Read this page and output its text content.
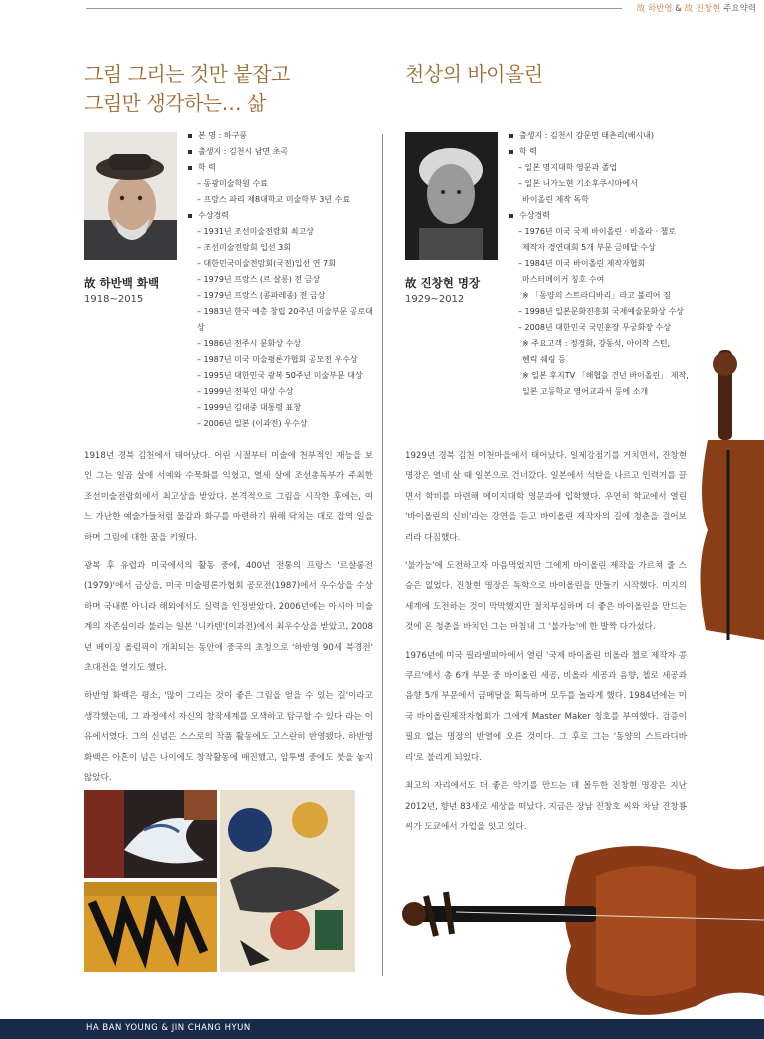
故 하반영 & 故 진창현 주요약력
그림 그리는 것만 붙잡고
그림만 생각하는… 삶
천상의 바이올린
故 하반백 화백
1918~2015
본 명 : 하구풍
출생지 : 김천시 남면 초곡
학 력
– 동광미술학원 수료
– 프랑스 파리 제8대학교 미술학부 3년 수료
수상경력
– 1931년 조선미술전람회 최고상
– 조선미술전람회 입선 3회
– 대한민국미술전람회(국전)입선 연 7회
– 1979년 프랑스 (르 살롱) 전 금상
– 1979년 프랑스 (콩파레종) 전 금상
– 1983년 한국 예총 창립 20주년 미술부문 공로대상
– 1986년 전주시 문화상 수상
– 1987년 미국 미술평론가협회 공모전 우수상
– 1995년 대한민국 광복 50주년 미술부문 대상
– 1999년 전북인 대상 수상
– 1999년 김대중 대통령 표창
– 2006년 일본 (이과전) 우수상
故 진창현 명장
1929~2012
출생지 : 김천시 감문면 태촌리(배시내)
학 력
– 일본 명지대학 영문과 졸업
– 일본 니가노현 기소후쿠시마에서
바이올린 제작 독학
수상경력
– 1976년 미국 국제 바이올린 · 비올라 · 첼로
제작자 경연대회 5개 부문 금메달 수상
– 1984년 미국 바이올린 제작자협회
마스터메이커 칭호 수여
※ 「동양의 스트라디바리」라고 불리어 짐
– 1998년 일본문화진흥회 국제예술문화상 수상
– 2008년 대한민국 국민훈장 무궁화장 수상
※ 주요고객 : 정경화, 강동석, 아이작 스턴,
헨릭 쉐링 등
※ 일본 후지TV 「해협을 건넌 바이올린」 제작,
일본 고등학교 영어교과서 등에 소개

1918년 경북 김천에서 태어났다. 어린 시절부터 미술에 천부적인 재능을 보인 그는 일곱 살에 서예와 수묵화를 익혔고, 열세 살에 조선총독부가 주최한 조선미술전람회에서 최고상을 받았다. 본격적으로 그림을 시작한 후에는, 여느 가난한 예술가들처럼 물감과 화구를 마련하기 위해 닥치는 대로 잡역 일을 하며 그림에 대한 꿈을 키웠다.

광복 후 유럽과 미국에서의 활동 중에, 400년 전통의 프랑스 '르살롱전(1979)'에서 금상을, 미국 미술평론가협회 공모전(1987)에서 우수상을 수상하며 국내뿐 아니라 해외에서도 실력을 인정받았다. 2006년에는 아시아 미술계의 자존심이라 불리는 일본 '니카텐'(이과전)에서 최우수상을 받았고, 2008년 베이징 올림픽이 개최되는 동안에 중국의 초청으로 '하반영 90세 북경전' 초대전을 열기도 했다.

하반영 화백은 평소, '많이 그리는 것이 좋은 그림을 얻을 수 있는 길'이라고 생각했는데, 그 과정에서 자신의 창작세계를 모색하고 탐구할 수 있다 라는 이유에서였다. 그의 신념은 스스로의 작품 활동에도 고스란히 반영됐다. 하반영 화백은 아흔이 넘은 나이에도 창작활동에 매진했고, 암투병 중에도 붓을 놓지 않았다.

1929년 경북 김천 이천마을에서 태어났다. 일제강점기를 거치면서, 진창현 명장은 열네 살 때 일본으로 건너갔다. 일본에서 석탄을 나르고 인력거를 끌면서 학비를 마련해 메이지대학 영문과에 입학했다. 우연히 학교에서 열린 '바이올린의 신비'라는 강연을 듣고 바이올린 제작자의 길에 청춘을 걸어보리라 다짐했다.

'불가능'에 도전하고자 마음먹었지만 그에게 바이올린 제작을 가르쳐 줄 스승은 없었다. 진창현 명장은 독학으로 바이올린을 만들기 시작했다. 미지의 세계에 도전하는 것이 막막했지만 절치부심하며 더 좋은 바이올린을 만드는 것에 온 청춘을 바치던 그는 마침내 그 '불가능'에 한 발짝 다가섰다.

1976년에 미국 필라델피아에서 열린 '국제 바이올린 비올라 첼로 제작자 콩쿠르'에서 총 6개 부문 중 바이올린 세공, 비올라 세공과 음향, 첼로 세공과 음향 5개 부문에서 금메달을 획득하며 모두를 놀라게 했다. 1984년에는 미국 바이올린제작자협회가 그에게 Master Maker 칭호를 부여했다. 검증이 필요 없는 명장의 반열에 오른 것이다. 그 후로 그는 '동양의 스트라디바리'로 불리게 되었다.

최고의 자리에서도 더 좋은 악기를 만드는 데 몰두한 진창현 명장은 지난 2012년, 향년 83세로 세상을 떠났다. 지금은 장남 진창호 씨와 차남 진창룡 씨가 도쿄에서 가업을 잇고 있다.

HA BAN YOUNG & JIN CHANG HYUN
